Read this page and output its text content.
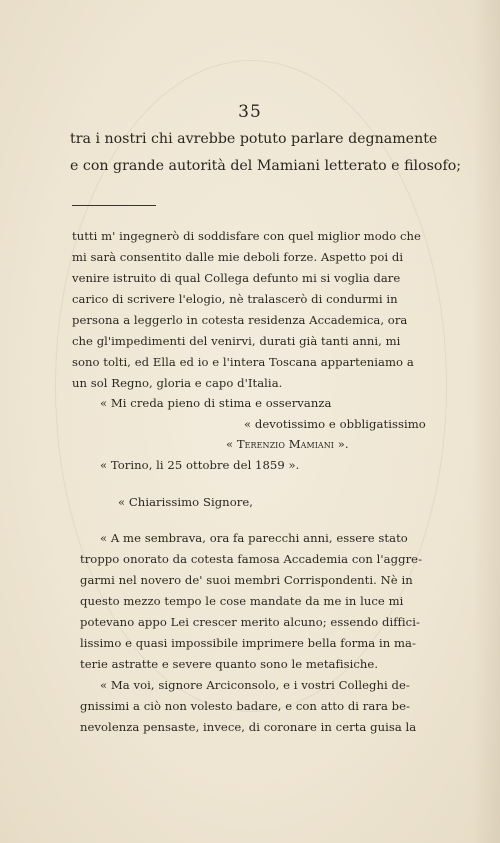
35
tra i nostri chi avrebbe potuto parlare degnamente
e con grande autorità del Mamiani letterato e filosofo;
tutti m' ingegnerò di soddisfare con quel miglior modo che
mi sarà consentito dalle mie deboli forze. Aspetto poi di
venire istruito di qual Collega defunto mi si voglia dare
carico di scrivere l'elogio, nè tralascerò di condurmi in
persona a leggerlo in cotesta residenza Accademica, ora
che gl'impedimenti del venirvi, durati già tanti anni, mi
sono tolti, ed Ella ed io e l'intera Toscana apparteniamo a
un sol Regno, gloria e capo d'Italia.
« Mi creda pieno di stima e osservanza
« devotissimo e obbligatissimo
« Terenzio Mamiani ».
« Torino, li 25 ottobre del 1859 ».
« Chiarissimo Signore,
« A me sembrava, ora fa parecchi anni, essere stato
troppo onorato da cotesta famosa Accademia con l'aggre-
garmi nel novero de' suoi membri Corrispondenti. Nè in
questo mezzo tempo le cose mandate da me in luce mi
potevano appo Lei crescer merito alcuno; essendo diffici-
lissimo e quasi impossibile imprimere bella forma in ma-
terie astratte e severe quanto sono le metafisiche.
« Ma voi, signore Arciconsolo, e i vostri Colleghi de-
gnissimi a ciò non volesto badare, e con atto di rara be-
nevolenza pensaste, invece, di coronare in certa guisa la
